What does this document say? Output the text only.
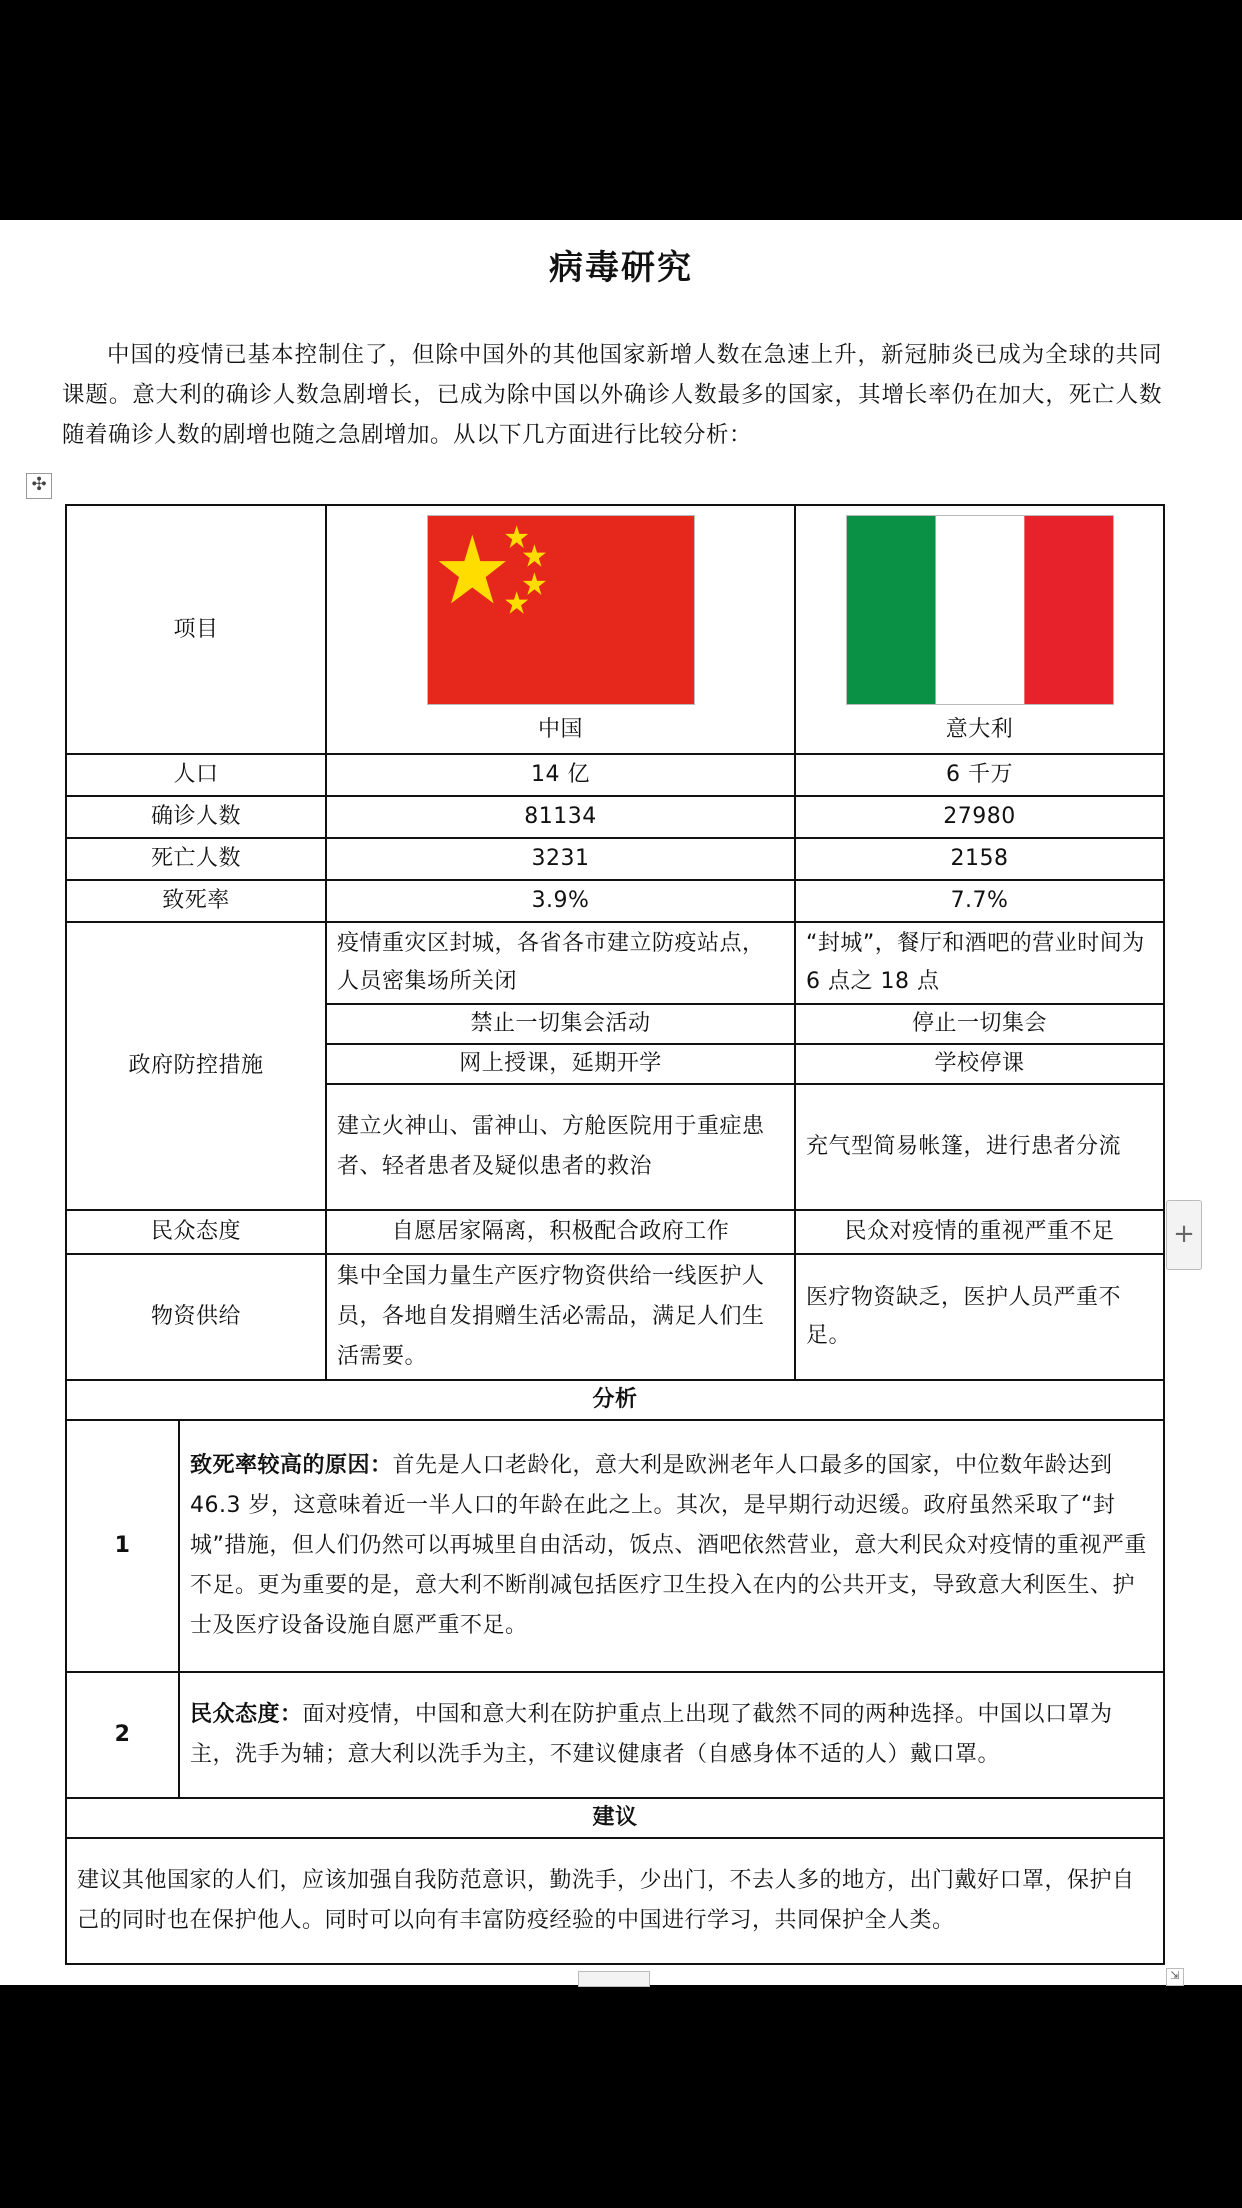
病毒研究

中国的疫情已基本控制住了，但除中国外的其他国家新增人数在急速上升，新冠肺炎已成为全球的共同课题。意大利的确诊人数急剧增长，已成为除中国以外确诊人数最多的国家，其增长率仍在加大，死亡人数随着确诊人数的剧增也随之急剧增加。从以下几方面进行比较分析：

✣
项目		中国	意大利
人口		14 亿	6 千万
确诊人数		81134	27980
死亡人数		3231	2158
致死率		3.9%	7.7%
政府防控措施		疫情重灾区封城，各省各市建立防疫站点，人员密集场所关闭	“封城”，餐厅和酒吧的营业时间为 6 点之 18 点
		禁止一切集会活动	停止一切集会
		网上授课，延期开学	学校停课
		建立火神山、雷神山、方舱医院用于重症患者、轻者患者及疑似患者的救治	充气型简易帐篷，进行患者分流
民众态度		自愿居家隔离，积极配合政府工作	民众对疫情的重视严重不足
物资供给		集中全国力量生产医疗物资供给一线医护人员，各地自发捐赠生活必需品，满足人们生活需要。	医疗物资缺乏，医护人员严重不足。
分析			
1	致死率较高的原因：首先是人口老龄化，意大利是欧洲老年人口最多的国家，中位数年龄达到 46.3 岁，这意味着近一半人口的年龄在此之上。其次，是早期行动迟缓。政府虽然采取了“封城”措施，但人们仍然可以再城里自由活动，饭点、酒吧依然营业，意大利民众对疫情的重视严重不足。更为重要的是，意大利不断削减包括医疗卫生投入在内的公共开支，导致意大利医生、护士及医疗设备设施自愿严重不足。		
2	民众态度：面对疫情，中国和意大利在防护重点上出现了截然不同的两种选择。中国以口罩为主，洗手为辅；意大利以洗手为主，不建议健康者（自感身体不适的人）戴口罩。		
建议			
建议其他国家的人们，应该加强自我防范意识，勤洗手，少出门，不去人多的地方，出门戴好口罩，保护自己的同时也在保护他人。同时可以向有丰富防疫经验的中国进行学习，共同保护全人类。			
+
⇲
